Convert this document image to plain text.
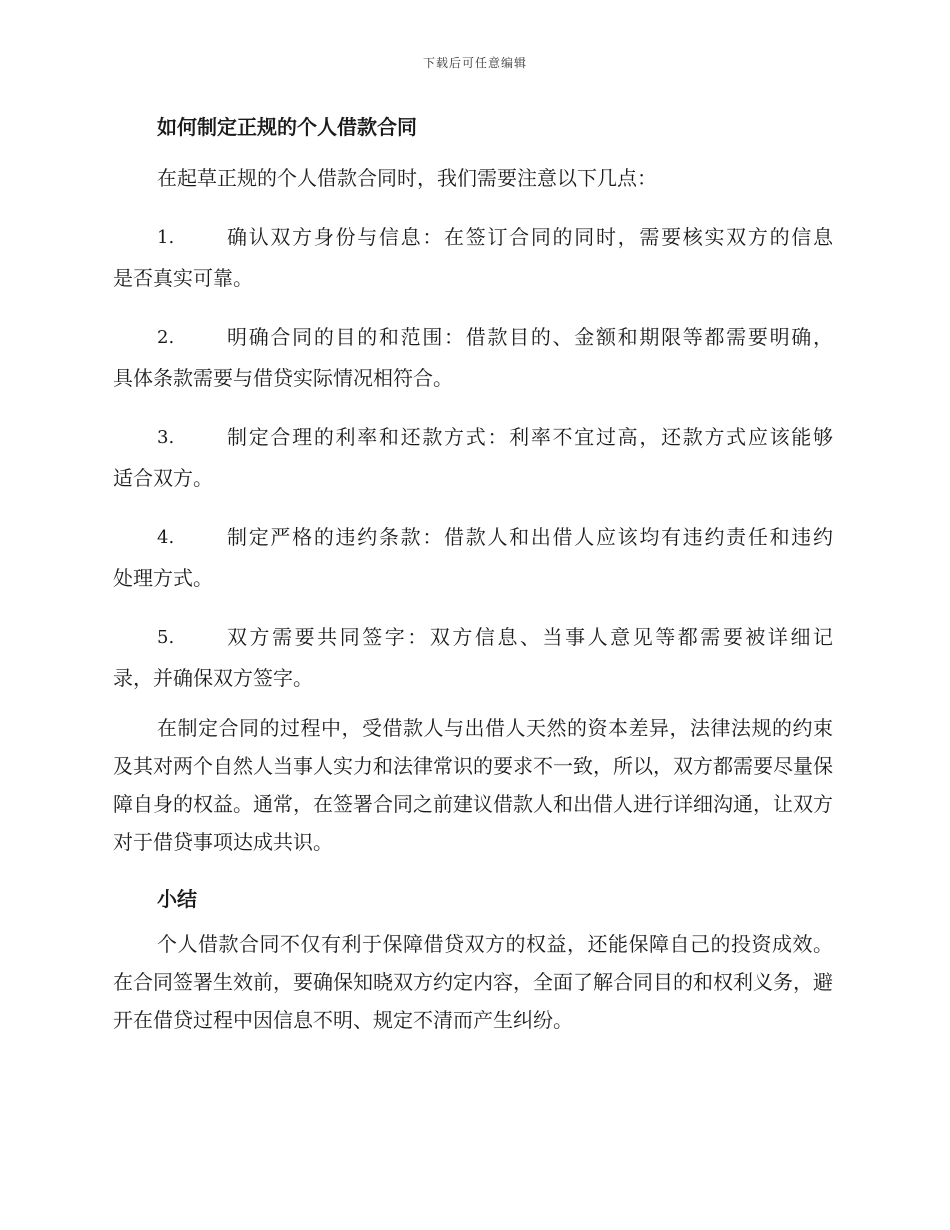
下载后可任意编辑
如何制定正规的个人借款合同

在起草正规的个人借款合同时，我们需要注意以下几点：

1.	确认双方身份与信息：在签订合同的同时，需要核实双方的信息
是否真实可靠。
2.	明确合同的目的和范围：借款目的、金额和期限等都需要明确，
具体条款需要与借贷实际情况相符合。
3.	制定合理的利率和还款方式：利率不宜过高，还款方式应该能够
适合双方。
4.	制定严格的违约条款：借款人和出借人应该均有违约责任和违约
处理方式。
5.	双方需要共同签字：双方信息、当事人意见等都需要被详细记
录，并确保双方签字。

在制定合同的过程中，受借款人与出借人天然的资本差异，法律法规的约束及其对两个自然人当事人实力和法律常识的要求不一致，所以，双方都需要尽量保障自身的权益。通常，在签署合同之前建议借款人和出借人进行详细沟通，让双方对于借贷事项达成共识。

小结

个人借款合同不仅有利于保障借贷双方的权益，还能保障自己的投资成效。在合同签署生效前，要确保知晓双方约定内容，全面了解合同目的和权利义务，避开在借贷过程中因信息不明、规定不清而产生纠纷。
